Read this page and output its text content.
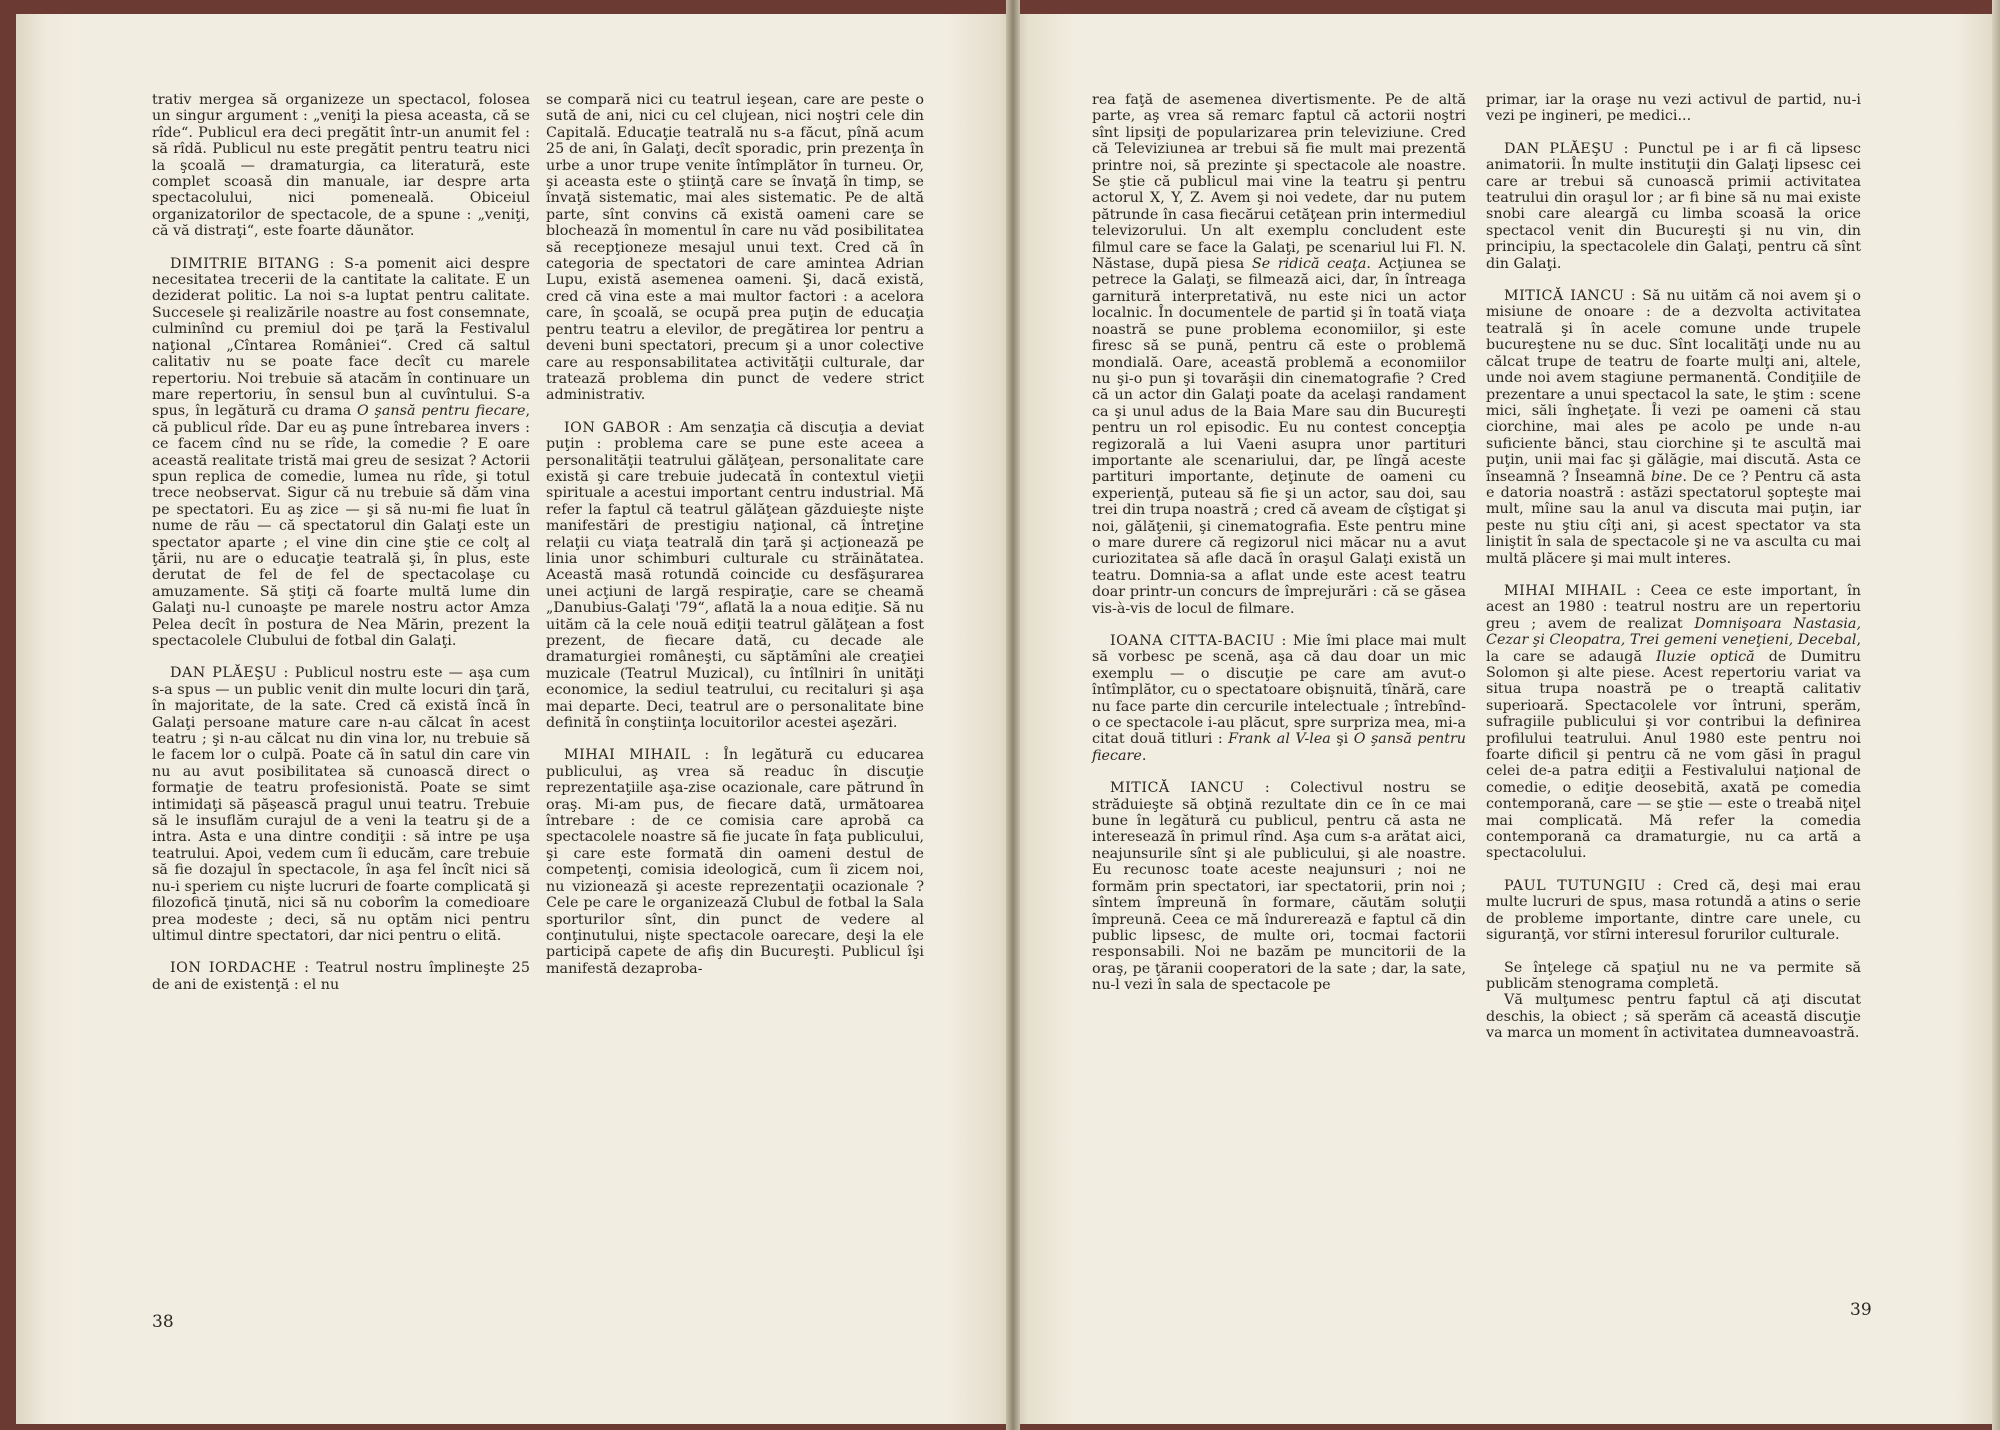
trativ mergea să organizeze un spectacol, folosea un singur argument : „veniţi la piesa aceasta, că se rîde“. Publicul era deci pregătit într-un anumit fel : să rîdă. Publicul nu este pregătit pentru teatru nici la şcoală — dramaturgia, ca literatură, este complet scoasă din manuale, iar despre arta spectacolului, nici pomeneală. Obiceiul organizatorilor de spectacole, de a spune : „veniţi, că vă distraţi“, este foarte dăunător.

DIMITRIE BITANG : S-a pomenit aici despre necesitatea trecerii de la cantitate la calitate. E un deziderat politic. La noi s-a luptat pentru calitate. Succesele şi realizările noastre au fost consemnate, culminînd cu premiul doi pe ţară la Festivalul naţional „Cîntarea României“. Cred că saltul calitativ nu se poate face decît cu marele repertoriu. Noi trebuie să atacăm în continuare un mare repertoriu, în sensul bun al cuvîntului. S-a spus, în legătură cu drama O şansă pentru fiecare, că publicul rîde. Dar eu aş pune întrebarea invers : ce facem cînd nu se rîde, la comedie ? E oare această realitate tristă mai greu de sesizat ? Actorii spun replica de comedie, lumea nu rîde, şi totul trece neobservat. Sigur că nu trebuie să dăm vina pe spectatori. Eu aş zice — şi să nu-mi fie luat în nume de rău — că spectatorul din Galaţi este un spectator aparte ; el vine din cine ştie ce colţ al ţării, nu are o educaţie teatrală şi, în plus, este derutat de fel de fel de spectacolaşe cu amuzamente. Să ştiţi că foarte multă lume din Galaţi nu-l cunoaşte pe marele nostru actor Amza Pelea decît în postura de Nea Mărin, prezent la spectacolele Clubului de fotbal din Galaţi.

DAN PLĂEŞU : Publicul nostru este — aşa cum s-a spus — un public venit din multe locuri din ţară, în majoritate, de la sate. Cred că există încă în Galaţi persoane mature care n-au călcat în acest teatru ; şi n-au călcat nu din vina lor, nu trebuie să le facem lor o culpă. Poate că în satul din care vin nu au avut posibilitatea să cunoască direct o formaţie de teatru profesionistă. Poate se simt intimidaţi să păşească pragul unui teatru. Trebuie să le insuflăm curajul de a veni la teatru şi de a intra. Asta e una dintre condiţii : să intre pe uşa teatrului. Apoi, vedem cum îi educăm, care trebuie să fie dozajul în spectacole, în aşa fel încît nici să nu-i speriem cu nişte lucruri de foarte complicată şi filozofică ţinută, nici să nu coborîm la comedioare prea modeste ; deci, să nu optăm nici pentru ultimul dintre spectatori, dar nici pentru o elită.

ION IORDACHE : Teatrul nostru împlineşte 25 de ani de existenţă : el nu

se compară nici cu teatrul ieşean, care are peste o sută de ani, nici cu cel clujean, nici noştri cele din Capitală. Educaţie teatrală nu s-a făcut, pînă acum 25 de ani, în Galaţi, decît sporadic, prin prezenţa în urbe a unor trupe venite întîmplător în turneu. Or, şi aceasta este o ştiinţă care se învaţă în timp, se învaţă sistematic, mai ales sistematic. Pe de altă parte, sînt convins că există oameni care se blochează în momentul în care nu văd posibilitatea să recepţioneze mesajul unui text. Cred că în categoria de spectatori de care amintea Adrian Lupu, există asemenea oameni. Şi, dacă există, cred că vina este a mai multor factori : a acelora care, în şcoală, se ocupă prea puţin de educaţia pentru teatru a elevilor, de pregătirea lor pentru a deveni buni spectatori, precum şi a unor colective care au responsabilitatea activităţii culturale, dar tratează problema din punct de vedere strict administrativ.

ION GABOR : Am senzaţia că discuţia a deviat puţin : problema care se pune este aceea a personalităţii teatrului gălăţean, personalitate care există şi care trebuie judecată în contextul vieţii spirituale a acestui important centru industrial. Mă refer la faptul că teatrul gălăţean găzduieşte nişte manifestări de prestigiu naţional, că întreţine relaţii cu viaţa teatrală din ţară şi acţionează pe linia unor schimburi culturale cu străinătatea. Această masă rotundă coincide cu desfăşurarea unei acţiuni de largă respiraţie, care se cheamă „Danubius-Galaţi '79“, aflată la a noua ediţie. Să nu uităm că la cele nouă ediţii teatrul gălăţean a fost prezent, de fiecare dată, cu decade ale dramaturgiei româneşti, cu săptămîni ale creaţiei muzicale (Teatrul Muzical), cu întîlniri în unităţi economice, la sediul teatrului, cu recitaluri şi aşa mai departe. Deci, teatrul are o personalitate bine definită în conştiinţa locuitorilor acestei aşezări.

MIHAI MIHAIL : În legătură cu educarea publicului, aş vrea să readuc în discuţie reprezentaţiile aşa-zise ocazionale, care pătrund în oraş. Mi-am pus, de fiecare dată, următoarea întrebare : de ce comisia care aprobă ca spectacolele noastre să fie jucate în faţa publicului, şi care este formată din oameni destul de competenţi, comisia ideologică, cum îi zicem noi, nu vizionează şi aceste reprezentaţii ocazionale ? Cele pe care le organizează Clubul de fotbal la Sala sporturilor sînt, din punct de vedere al conţinutului, nişte spectacole oarecare, deşi la ele participă capete de afiş din Bucureşti. Publicul îşi manifestă dezaproba-

rea faţă de asemenea divertismente. Pe de altă parte, aş vrea să remarc faptul că actorii noştri sînt lipsiţi de popularizarea prin televiziune. Cred că Televiziunea ar trebui să fie mult mai prezentă printre noi, să prezinte şi spectacole ale noastre. Se ştie că publicul mai vine la teatru şi pentru actorul X, Y, Z. Avem şi noi vedete, dar nu putem pătrunde în casa fiecărui cetăţean prin intermediul televizorului. Un alt exemplu concludent este filmul care se face la Galaţi, pe scenariul lui Fl. N. Năstase, după piesa Se ridică ceaţa. Acţiunea se petrece la Galaţi, se filmează aici, dar, în întreaga garnitură interpretativă, nu este nici un actor localnic. În documentele de partid şi în toată viaţa noastră se pune problema economiilor, şi este firesc să se pună, pentru că este o problemă mondială. Oare, această problemă a economiilor nu şi-o pun şi tovarăşii din cinematografie ? Cred că un actor din Galaţi poate da acelaşi randament ca şi unul adus de la Baia Mare sau din Bucureşti pentru un rol episodic. Eu nu contest concepţia regizorală a lui Vaeni asupra unor partituri importante ale scenariului, dar, pe lîngă aceste partituri importante, deţinute de oameni cu experienţă, puteau să fie şi un actor, sau doi, sau trei din trupa noastră ; cred că aveam de cîştigat şi noi, gălăţenii, şi cinematografia. Este pentru mine o mare durere că regizorul nici măcar nu a avut curiozitatea să afle dacă în oraşul Galaţi există un teatru. Domnia-sa a aflat unde este acest teatru doar printr-un concurs de împrejurări : că se găsea vis-à-vis de locul de filmare.

IOANA CITTA-BACIU : Mie îmi place mai mult să vorbesc pe scenă, aşa că dau doar un mic exemplu — o discuţie pe care am avut-o întîmplător, cu o spectatoare obişnuită, tînără, care nu face parte din cercurile intelectuale ; întrebînd-o ce spectacole i-au plăcut, spre surpriza mea, mi-a citat două titluri : Frank al V-lea şi O şansă pentru fiecare.

MITICĂ IANCU : Colectivul nostru se străduieşte să obţină rezultate din ce în ce mai bune în legătură cu publicul, pentru că asta ne interesează în primul rînd. Aşa cum s-a arătat aici, neajunsurile sînt şi ale publicului, şi ale noastre. Eu recunosc toate aceste neajunsuri ; noi ne formăm prin spectatori, iar spectatorii, prin noi ; sîntem împreună în formare, căutăm soluţii împreună. Ceea ce mă îndurerează e faptul că din public lipsesc, de multe ori, tocmai factorii responsabili. Noi ne bazăm pe muncitorii de la oraş, pe ţăranii cooperatori de la sate ; dar, la sate, nu-l vezi în sala de spectacole pe

primar, iar la oraşe nu vezi activul de partid, nu-i vezi pe ingineri, pe medici...

DAN PLĂEŞU : Punctul pe i ar fi că lipsesc animatorii. În multe instituţii din Galaţi lipsesc cei care ar trebui să cunoască primii activitatea teatrului din oraşul lor ; ar fi bine să nu mai existe snobi care aleargă cu limba scoasă la orice spectacol venit din Bucureşti şi nu vin, din principiu, la spectacolele din Galaţi, pentru că sînt din Galaţi.

MITICĂ IANCU : Să nu uităm că noi avem şi o misiune de onoare : de a dezvolta activitatea teatrală şi în acele comune unde trupele bucureştene nu se duc. Sînt localităţi unde nu au călcat trupe de teatru de foarte mulţi ani, altele, unde noi avem stagiune permanentă. Condiţiile de prezentare a unui spectacol la sate, le ştim : scene mici, săli îngheţate. Îi vezi pe oameni că stau ciorchine, mai ales pe acolo pe unde n-au suficiente bănci, stau ciorchine şi te ascultă mai puţin, unii mai fac şi gălăgie, mai discută. Asta ce înseamnă ? Înseamnă bine. De ce ? Pentru că asta e datoria noastră : astăzi spectatorul şopteşte mai mult, mîine sau la anul va discuta mai puţin, iar peste nu ştiu cîţi ani, şi acest spectator va sta liniştit în sala de spectacole şi ne va asculta cu mai multă plăcere şi mai mult interes.

MIHAI MIHAIL : Ceea ce este important, în acest an 1980 : teatrul nostru are un repertoriu greu ; avem de realizat Domnişoara Nastasia, Cezar şi Cleopatra, Trei gemeni veneţieni, Decebal, la care se adaugă Iluzie optică de Dumitru Solomon şi alte piese. Acest repertoriu variat va situa trupa noastră pe o treaptă calitativ superioară. Spectacolele vor întruni, sperăm, sufragiile publicului şi vor contribui la definirea profilului teatrului. Anul 1980 este pentru noi foarte dificil şi pentru că ne vom găsi în pragul celei de-a patra ediţii a Festivalului naţional de comedie, o ediţie deosebită, axată pe comedia contemporană, care — se ştie — este o treabă niţel mai complicată. Mă refer la comedia contemporană ca dramaturgie, nu ca artă a spectacolului.

PAUL TUTUNGIU : Cred că, deşi mai erau multe lucruri de spus, masa rotundă a atins o serie de probleme importante, dintre care unele, cu siguranţă, vor stîrni interesul forurilor culturale.

Se înţelege că spaţiul nu ne va permite să publicăm stenograma completă.

Vă mulţumesc pentru faptul că aţi discutat deschis, la obiect ; să sperăm că această discuţie va marca un moment în activitatea dumneavoastră.

38
39
